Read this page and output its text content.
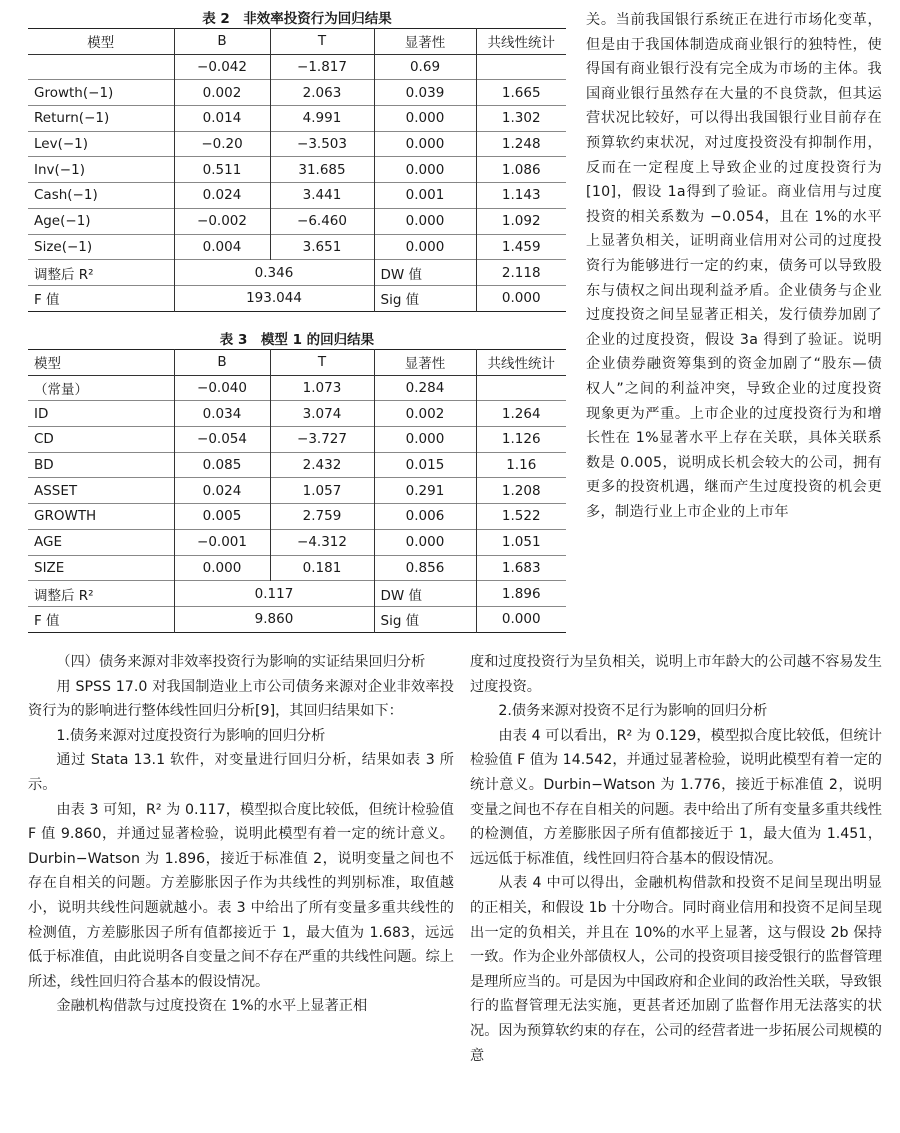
表 2　非效率投资行为回归结果
模型	B	T	显著性	共线性统计
	−0.042	−1.817	0.69	
Growth(−1)	0.002	2.063	0.039	1.665
Return(−1)	0.014	4.991	0.000	1.302
Lev(−1)	−0.20	−3.503	0.000	1.248
Inv(−1)	0.511	31.685	0.000	1.086
Cash(−1)	0.024	3.441	0.001	1.143
Age(−1)	−0.002	−6.460	0.000	1.092
Size(−1)	0.004	3.651	0.000	1.459
调整后 R²	0.346		DW 值	2.118
F 值	193.044		Sig 值	0.000
表 3　模型 1 的回归结果
模型	B	T	显著性	共线性统计
（常量）	−0.040	1.073	0.284	
ID	0.034	3.074	0.002	1.264
CD	−0.054	−3.727	0.000	1.126
BD	0.085	2.432	0.015	1.16
ASSET	0.024	1.057	0.291	1.208
GROWTH	0.005	2.759	0.006	1.522
AGE	−0.001	−4.312	0.000	1.051
SIZE	0.000	0.181	0.856	1.683
调整后 R²	0.117		DW 值	1.896
F 值	9.860		Sig 值	0.000

关。当前我国银行系统正在进行市场化变革，但是由于我国体制造成商业银行的独特性，使得国有商业银行没有完全成为市场的主体。我国商业银行虽然存在大量的不良贷款，但其运营状况比较好，可以得出我国银行业目前存在预算软约束状况，对过度投资没有抑制作用，反而在一定程度上导致企业的过度投资行为[10]，假设 1a得到了验证。商业信用与过度投资的相关系数为 −0.054，且在 1%的水平上显著负相关，证明商业信用对公司的过度投资行为能够进行一定的约束，债务可以导致股东与债权之间出现利益矛盾。企业债务与企业过度投资之间呈显著正相关，发行债券加剧了企业的过度投资，假设 3a 得到了验证。说明企业债券融资筹集到的资金加剧了“股东—债权人”之间的利益冲突，导致企业的过度投资现象更为严重。上市企业的过度投资行为和增长性在 1%显著水平上存在关联，具体关联系数是 0.005，说明成长机会较大的公司，拥有更多的投资机遇，继而产生过度投资的机会更多，制造行业上市企业的上市年

（四）债务来源对非效率投资行为影响的实证结果回归分析

用 SPSS 17.0 对我国制造业上市公司债务来源对企业非效率投资行为的影响进行整体线性回归分析[9]，其回归结果如下：

1.债务来源对过度投资行为影响的回归分析

通过 Stata 13.1 软件，对变量进行回归分析，结果如表 3 所示。

由表 3 可知，R² 为 0.117，模型拟合度比较低，但统计检验值 F 值 9.860，并通过显著检验，说明此模型有着一定的统计意义。Durbin−Watson 为 1.896，接近于标准值 2，说明变量之间也不存在自相关的问题。方差膨胀因子作为共线性的判别标准，取值越小，说明共线性问题就越小。表 3 中给出了所有变量多重共线性的检测值，方差膨胀因子所有值都接近于 1，最大值为 1.683，远远低于标准值，由此说明各自变量之间不存在严重的共线性问题。综上所述，线性回归符合基本的假设情况。

金融机构借款与过度投资在 1%的水平上显著正相

度和过度投资行为呈负相关，说明上市年龄大的公司越不容易发生过度投资。

2.债务来源对投资不足行为影响的回归分析

由表 4 可以看出，R² 为 0.129，模型拟合度比较低，但统计检验值 F 值为 14.542，并通过显著检验，说明此模型有着一定的统计意义。Durbin−Watson 为 1.776，接近于标准值 2，说明变量之间也不存在自相关的问题。表中给出了所有变量多重共线性的检测值，方差膨胀因子所有值都接近于 1，最大值为 1.451，远远低于标准值，线性回归符合基本的假设情况。

从表 4 中可以得出，金融机构借款和投资不足间呈现出明显的正相关，和假设 1b 十分吻合。同时商业信用和投资不足间呈现出一定的负相关，并且在 10%的水平上显著，这与假设 2b 保持一致。作为企业外部债权人，公司的投资项目接受银行的监督管理是理所应当的。可是因为中国政府和企业间的政治性关联，导致银行的监督管理无法实施，更甚者还加剧了监督作用无法落实的状况。因为预算软约束的存在，公司的经营者进一步拓展公司规模的意
